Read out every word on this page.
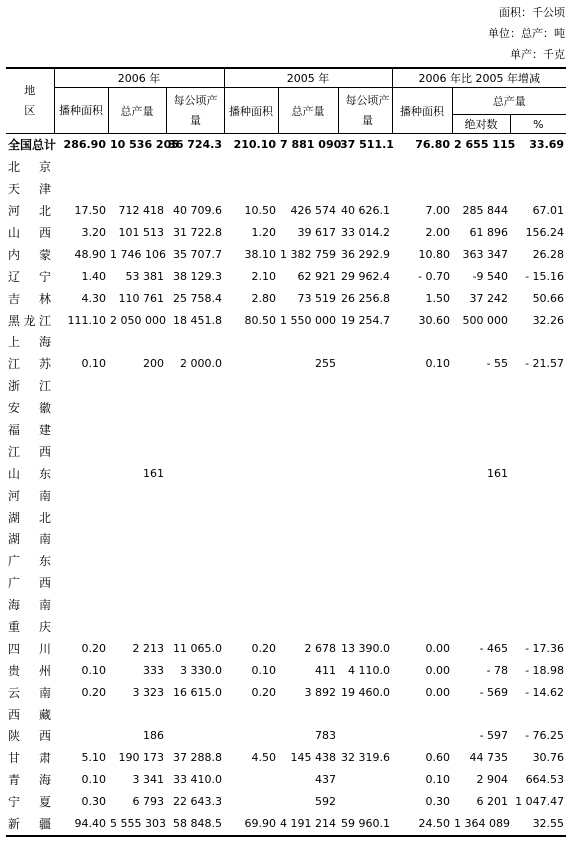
面积：千公顷
单位：总产：吨
单产：千克
地区	2006 年			2005 年			2006 年比 2005 年增减		

	播种面积	总产量	每公顷产量	播种面积	总产量	每公顷产量	播种面积	总产量	
								绝对数	%

全国总计	286.90	10 536 205	36 724.3	210.10	7 881 090	37 511.1	76.80	2 655 115	33.69
北京									
天津									
河北	17.50	712 418	40 709.6	10.50	426 574	40 626.1	7.00	285 844	67.01
山西	3.20	101 513	31 722.8	1.20	39 617	33 014.2	2.00	61 896	156.24
内蒙	48.90	1 746 106	35 707.7	38.10	1 382 759	36 292.9	10.80	363 347	26.28
辽宁	1.40	53 381	38 129.3	2.10	62 921	29 962.4	- 0.70	-9 540	- 15.16
吉林	4.30	110 761	25 758.4	2.80	73 519	26 256.8	1.50	37 242	50.66
黑龙江	111.10	2 050 000	18 451.8	80.50	1 550 000	19 254.7	30.60	500 000	32.26
上海									
江苏	0.10	200	2 000.0		255		0.10	- 55	- 21.57
浙江									
安徽									
福建									
江西									
山东		161						161	
河南									
湖北									
湖南									
广东									
广西									
海南									
重庆									
四川	0.20	2 213	11 065.0	0.20	2 678	13 390.0	0.00	- 465	- 17.36
贵州	0.10	333	3 330.0	0.10	411	4 110.0	0.00	- 78	- 18.98
云南	0.20	3 323	16 615.0	0.20	3 892	19 460.0	0.00	- 569	- 14.62
西藏									
陕西		186			783			- 597	- 76.25
甘肃	5.10	190 173	37 288.8	4.50	145 438	32 319.6	0.60	44 735	30.76
青海	0.10	3 341	33 410.0		437		0.10	2 904	664.53
宁夏	0.30	6 793	22 643.3		592		0.30	6 201	1 047.47
新疆	94.40	5 555 303	58 848.5	69.90	4 191 214	59 960.1	24.50	1 364 089	32.55
